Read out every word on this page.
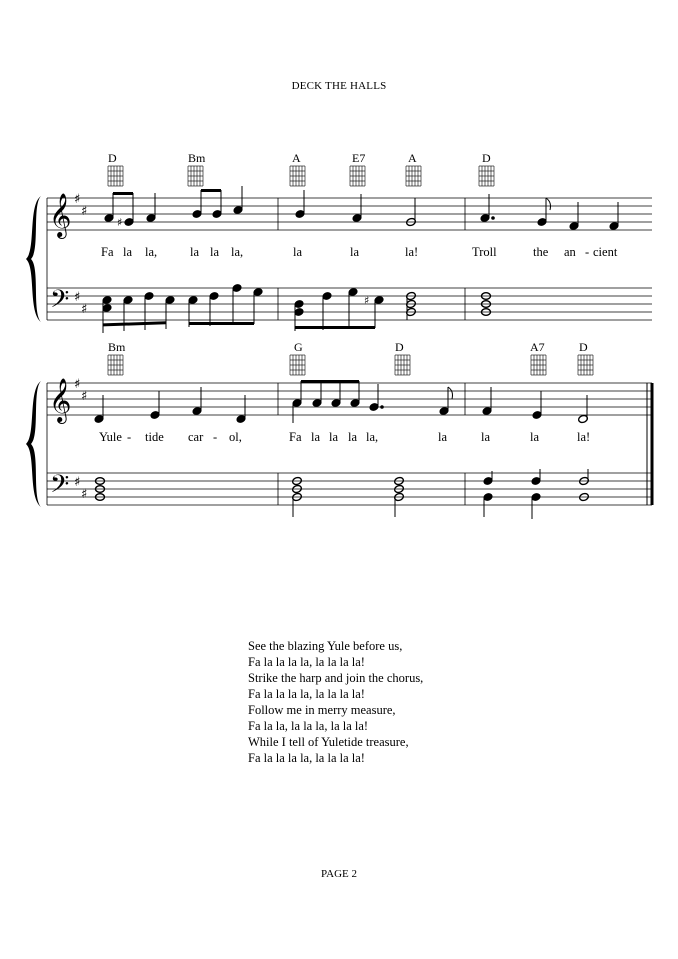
DECK THE HALLS
𝄞
𝄢
𝄞
𝄢
♯
♯
♯
♯
♯
♯
♯
♯
♯
♯
D	Bm	A	E7	A	D
Bm	G	D	A7	D
Fa la la,	la la la,	la	la	la!	Troll	the an - cient
Yule - tide car - ol,	Fa la la la la,	la	la	la	la!
See the blazing Yule before us,
Fa la la la la, la la la la!
Strike the harp and join the chorus,
Fa la la la la, la la la la!
Follow me in merry measure,
Fa la la, la la la, la la la!
While I tell of Yuletide treasure,
Fa la la la la, la la la la!
PAGE 2
